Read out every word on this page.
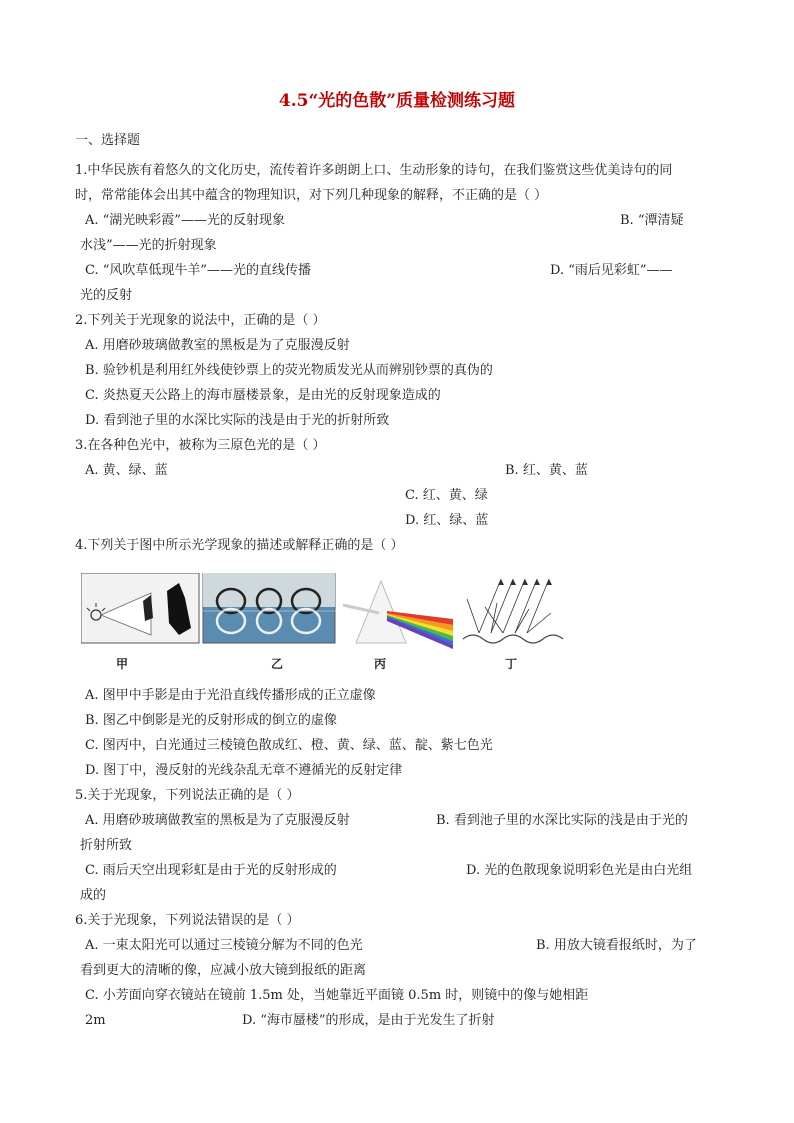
4.5“光的色散”质量检测练习题
一、选择题
1.中华民族有着悠久的文化历史，流传着许多朗朗上口、生动形象的诗句，在我们鉴赏这些优美诗句的同
时，常常能体会出其中蕴含的物理知识，对下列几种现象的解释，不正确的是（ ）
A. “湖光映彩霞”——光的反射现象	B. “潭清疑
水浅”——光的折射现象
C. “风吹草低现牛羊”——光的直线传播	D. “雨后见彩虹”——
光的反射
2.下列关于光现象的说法中，正确的是（ ）
A. 用磨砂玻璃做教室的黑板是为了克服漫反射
B. 验钞机是利用红外线使钞票上的荧光物质发光从而辨别钞票的真伪的
C. 炎热夏天公路上的海市蜃楼景象，是由光的反射现象造成的
D. 看到池子里的水深比实际的浅是由于光的折射所致
3.在各种色光中，被称为三原色光的是（ ）
A. 黄、绿、蓝	B. 红、黄、蓝
C. 红、黄、绿
D. 红、绿、蓝
4.下列关于图中所示光学现象的描述或解释正确的是（ ）
甲	乙	丙	丁
A. 图甲中手影是由于光沿直线传播形成的正立虚像
B. 图乙中倒影是光的反射形成的倒立的虚像
C. 图丙中，白光通过三棱镜色散成红、橙、黄、绿、蓝、靛、紫七色光
D. 图丁中，漫反射的光线杂乱无章不遵循光的反射定律
5.关于光现象，下列说法正确的是（ ）
A. 用磨砂玻璃做教室的黑板是为了克服漫反射	B. 看到池子里的水深比实际的浅是由于光的
折射所致
C. 雨后天空出现彩虹是由于光的反射形成的	D. 光的色散现象说明彩色光是由白光组
成的
6.关于光现象，下列说法错误的是（ ）
A. 一束太阳光可以通过三棱镜分解为不同的色光	B. 用放大镜看报纸时，为了
看到更大的清晰的像，应减小放大镜到报纸的距离
C. 小芳面向穿衣镜站在镜前 1.5m 处，当她靠近平面镜 0.5m 时，则镜中的像与她相距
2m	D. “海市蜃楼”的形成，是由于光发生了折射
